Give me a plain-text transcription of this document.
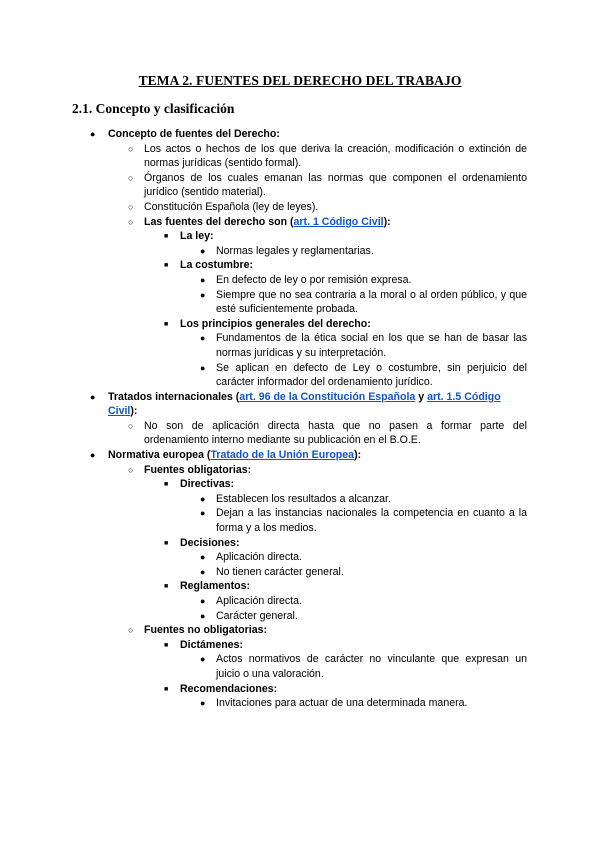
TEMA 2. FUENTES DEL DERECHO DEL TRABAJO
2.1. Concepto y clasificación
● Concepto de fuentes del Derecho:
○ Los actos o hechos de los que deriva la creación, modificación o extinción de normas jurídicas (sentido formal).
○ Órganos de los cuales emanan las normas que componen el ordenamiento jurídico (sentido material).
○ Constitución Española (ley de leyes).
○ Las fuentes del derecho son (art. 1 Código Civil):
■ La ley:
● Normas legales y reglamentarias.
■ La costumbre:
● En defecto de ley o por remisión expresa.
● Siempre que no sea contraria a la moral o al orden público, y que esté suficientemente probada.
■ Los principios generales del derecho:
● Fundamentos de la ética social en los que se han de basar las normas jurídicas y su interpretación.
● Se aplican en defecto de Ley o costumbre, sin perjuicio del carácter informador del ordenamiento jurídico.
● Tratados internacionales (art. 96 de la Constitución Española y art. 1.5 Código Civil):
○ No son de aplicación directa hasta que no pasen a formar parte del ordenamiento interno mediante su publicación en el B.O.E.
● Normativa europea (Tratado de la Unión Europea):
○ Fuentes obligatorias:
■ Directivas:
● Establecen los resultados a alcanzar.
● Dejan a las instancias nacionales la competencia en cuanto a la forma y a los medios.
■ Decisiones:
● Aplicación directa.
● No tienen carácter general.
■ Reglamentos:
● Aplicación directa.
● Carácter general.
○ Fuentes no obligatorias:
■ Dictámenes:
● Actos normativos de carácter no vinculante que expresan un juicio o una valoración.
■ Recomendaciones:
● Invitaciones para actuar de una determinada manera.
